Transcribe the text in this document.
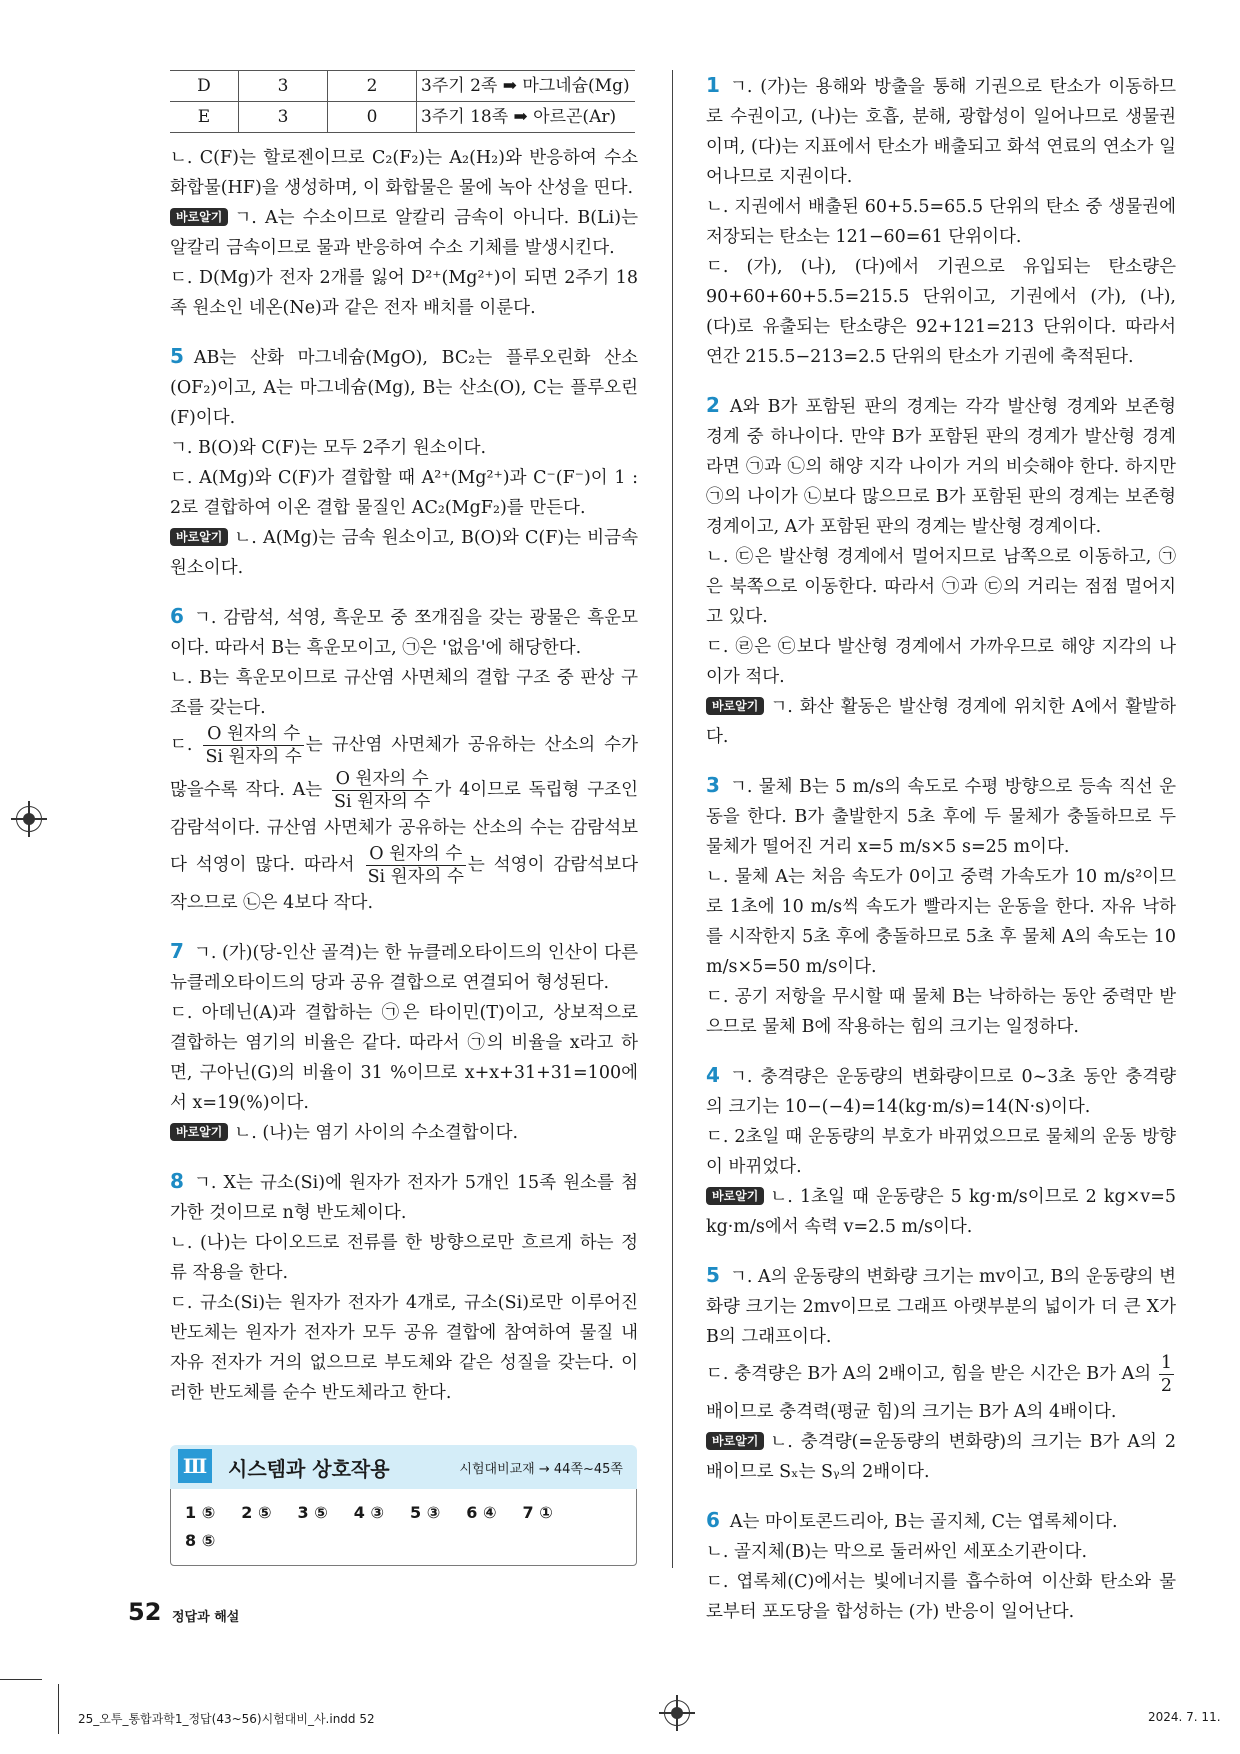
D	3	2	3주기 2족 ➡ 마그네슘(Mg)
E	3	0	3주기 18족 ➡ 아르곤(Ar)

ㄴ. C(F)는 할로젠이므로 C₂(F₂)는 A₂(H₂)와 반응하여 수소 화합물(HF)을 생성하며, 이 화합물은 물에 녹아 산성을 띤다.

바로알기 ㄱ. A는 수소이므로 알칼리 금속이 아니다. B(Li)는 알칼리 금속이므로 물과 반응하여 수소 기체를 발생시킨다.

ㄷ. D(Mg)가 전자 2개를 잃어 D²⁺(Mg²⁺)이 되면 2주기 18족 원소인 네온(Ne)과 같은 전자 배치를 이룬다.

5 AB는 산화 마그네슘(MgO), BC₂는 플루오린화 산소(OF₂)이고, A는 마그네슘(Mg), B는 산소(O), C는 플루오린(F)이다.

ㄱ. B(O)와 C(F)는 모두 2주기 원소이다.

ㄷ. A(Mg)와 C(F)가 결합할 때 A²⁺(Mg²⁺)과 C⁻(F⁻)이 1 : 2로 결합하여 이온 결합 물질인 AC₂(MgF₂)를 만든다.

바로알기 ㄴ. A(Mg)는 금속 원소이고, B(O)와 C(F)는 비금속 원소이다.

6 ㄱ. 감람석, 석영, 흑운모 중 쪼개짐을 갖는 광물은 흑운모이다. 따라서 B는 흑운모이고, ㉠은 '없음'에 해당한다.

ㄴ. B는 흑운모이므로 규산염 사면체의 결합 구조 중 판상 구조를 갖는다.

ㄷ. $\frac{\text{O 원자의 수}}{\text{Si 원자의 수}}$ 는 규산염 사면체가 공유하는 산소의 수가 많을수록 작다. A는 $\frac{\text{O 원자의 수}}{\text{Si 원자의 수}}$ 가 4이므로 독립형 구조인 감람석이다. 규산염 사면체가 공유하는 산소의 수는 감람석보다 석영이 많다. 따라서 $\frac{\text{O 원자의 수}}{\text{Si 원자의 수}}$ 는 석영이 감람석보다 작으므로 ㉡은 4보다 작다.

7 ㄱ. (가)(당-인산 골격)는 한 뉴클레오타이드의 인산이 다른 뉴클레오타이드의 당과 공유 결합으로 연결되어 형성된다.

ㄷ. 아데닌(A)과 결합하는 ㉠은 타이민(T)이고, 상보적으로 결합하는 염기의 비율은 같다. 따라서 ㉠의 비율을 x라고 하면, 구아닌(G)의 비율이 31 %이므로 x+x+31+31=100에서 x=19(%)이다.

바로알기 ㄴ. (나)는 염기 사이의 수소결합이다.

8 ㄱ. X는 규소(Si)에 원자가 전자가 5개인 15족 원소를 첨가한 것이므로 n형 반도체이다.

ㄴ. (나)는 다이오드로 전류를 한 방향으로만 흐르게 하는 정류 작용을 한다.

ㄷ. 규소(Si)는 원자가 전자가 4개로, 규소(Si)로만 이루어진 반도체는 원자가 전자가 모두 공유 결합에 참여하여 물질 내 자유 전자가 거의 없으므로 부도체와 같은 성질을 갖는다. 이러한 반도체를 순수 반도체라고 한다.

1 ㄱ. (가)는 용해와 방출을 통해 기권으로 탄소가 이동하므로 수권이고, (나)는 호흡, 분해, 광합성이 일어나므로 생물권이며, (다)는 지표에서 탄소가 배출되고 화석 연료의 연소가 일어나므로 지권이다.

ㄴ. 지권에서 배출된 60+5.5=65.5 단위의 탄소 중 생물권에 저장되는 탄소는 121−60=61 단위이다.

ㄷ. (가), (나), (다)에서 기권으로 유입되는 탄소량은 90+60+60+5.5=215.5 단위이고, 기권에서 (가), (나), (다)로 유출되는 탄소량은 92+121=213 단위이다. 따라서 연간 215.5−213=2.5 단위의 탄소가 기권에 축적된다.

2 A와 B가 포함된 판의 경계는 각각 발산형 경계와 보존형 경계 중 하나이다. 만약 B가 포함된 판의 경계가 발산형 경계라면 ㉠과 ㉡의 해양 지각 나이가 거의 비슷해야 한다. 하지만 ㉠의 나이가 ㉡보다 많으므로 B가 포함된 판의 경계는 보존형 경계이고, A가 포함된 판의 경계는 발산형 경계이다.

ㄴ. ㉢은 발산형 경계에서 멀어지므로 남쪽으로 이동하고, ㉠은 북쪽으로 이동한다. 따라서 ㉠과 ㉢의 거리는 점점 멀어지고 있다.

ㄷ. ㉣은 ㉢보다 발산형 경계에서 가까우므로 해양 지각의 나이가 적다.

바로알기 ㄱ. 화산 활동은 발산형 경계에 위치한 A에서 활발하다.

3 ㄱ. 물체 B는 5 m/s의 속도로 수평 방향으로 등속 직선 운동을 한다. B가 출발한지 5초 후에 두 물체가 충돌하므로 두 물체가 떨어진 거리 x=5 m/s×5 s=25 m이다.

ㄴ. 물체 A는 처음 속도가 0이고 중력 가속도가 10 m/s²이므로 1초에 10 m/s씩 속도가 빨라지는 운동을 한다. 자유 낙하를 시작한지 5초 후에 충돌하므로 5초 후 물체 A의 속도는 10 m/s×5=50 m/s이다.

ㄷ. 공기 저항을 무시할 때 물체 B는 낙하하는 동안 중력만 받으므로 물체 B에 작용하는 힘의 크기는 일정하다.

4 ㄱ. 충격량은 운동량의 변화량이므로 0~3초 동안 충격량의 크기는 10−(−4)=14(kg·m/s)=14(N·s)이다.

ㄷ. 2초일 때 운동량의 부호가 바뀌었으므로 물체의 운동 방향이 바뀌었다.

바로알기 ㄴ. 1초일 때 운동량은 5 kg·m/s이므로 2 kg×v=5 kg·m/s에서 속력 v=2.5 m/s이다.

5 ㄱ. A의 운동량의 변화량 크기는 mv이고, B의 운동량의 변화량 크기는 2mv이므로 그래프 아랫부분의 넓이가 더 큰 X가 B의 그래프이다.

ㄷ. 충격량은 B가 A의 2배이고, 힘을 받은 시간은 B가 A의 $\frac{1}{2}$
배이므로 충격력(평균 힘)의 크기는 B가 A의 4배이다.

바로알기 ㄴ. 충격량(=운동량의 변화량)의 크기는 B가 A의 2배이므로 Sₓ는 Sᵧ의 2배이다.

6 A는 마이토콘드리아, B는 골지체, C는 엽록체이다.

ㄴ. 골지체(B)는 막으로 둘러싸인 세포소기관이다.

ㄷ. 엽록체(C)에서는 빛에너지를 흡수하여 이산화 탄소와 물로부터 포도당을 합성하는 (가) 반응이 일어난다.

Ⅲ 시스템과 상호작용	시험대비교재 → 44쪽~45쪽
1 ⑤ 2 ⑤ 3 ⑤ 4 ③ 5 ③ 6 ④ 7 ①
8 ⑤
52 정답과 해설
25_오투_통합과학1_정답(43~56)시험대비_사.indd 52	2024. 7. 11.
